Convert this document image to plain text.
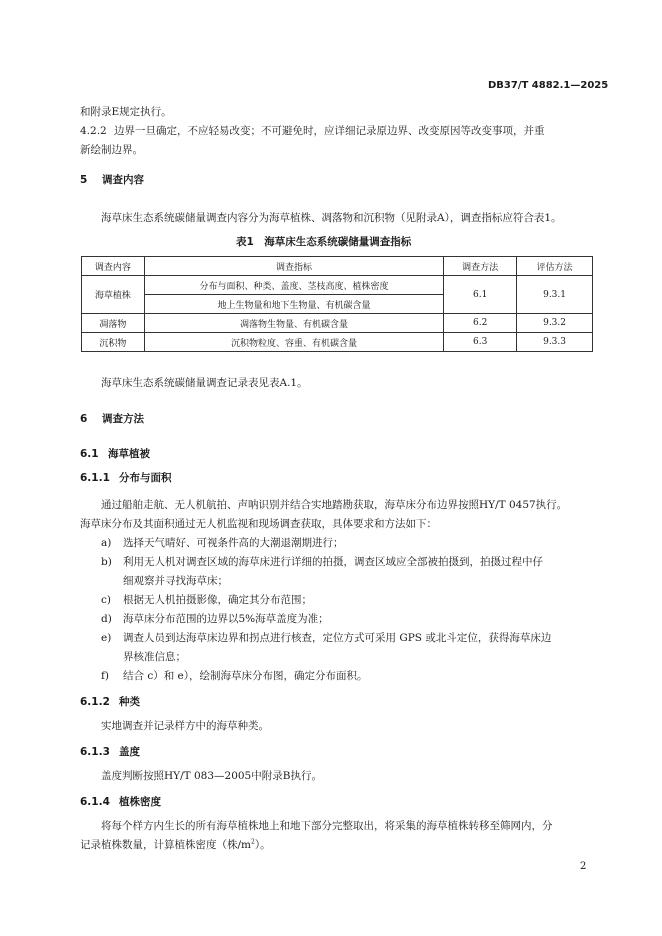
DB37/T 4882.1—2025
和附录E规定执行。
4.2.2 边界一旦确定，不应轻易改变；不可避免时，应详细记录原边界、改变原因等改变事项，并重
新绘制边界。
5 调查内容
海草床生态系统碳储量调查内容分为海草植株、凋落物和沉积物（见附录A），调查指标应符合表1。
表1　海草床生态系统碳储量调查指标
调查内容	调查指标	调查方法	评估方法
海草植株	分布与面积、种类、盖度、茎枝高度、植株密度	6.1	9.3.1
	地上生物量和地下生物量、有机碳含量		
凋落物	凋落物生物量、有机碳含量	6.2	9.3.2
沉积物	沉积物粒度、容重、有机碳含量	6.3	9.3.3
海草床生态系统碳储量调查记录表见表A.1。
6 调查方法
6.1 海草植被
6.1.1 分布与面积
通过船舶走航、无人机航拍、声呐识别并结合实地踏勘获取，海草床分布边界按照HY/T 0457执行。
海草床分布及其面积通过无人机监视和现场调查获取，具体要求和方法如下：
a) 选择天气晴好、可视条件高的大潮退潮期进行；
b) 利用无人机对调查区域的海草床进行详细的拍摄，调查区域应全部被拍摄到，拍摄过程中仔
细观察并寻找海草床；
c) 根据无人机拍摄影像，确定其分布范围；
d) 海草床分布范围的边界以5%海草盖度为准；
e) 调查人员到达海草床边界和拐点进行核查，定位方式可采用 GPS 或北斗定位，获得海草床边
界核准信息；
f) 结合 c）和 e），绘制海草床分布图，确定分布面积。
6.1.2 种类
实地调查并记录样方中的海草种类。
6.1.3 盖度
盖度判断按照HY/T 083—2005中附录B执行。
6.1.4 植株密度
将每个样方内生长的所有海草植株地上和地下部分完整取出，将采集的海草植株转移至筛网内，分
记录植株数量，计算植株密度（株$/m^2$）。
2
